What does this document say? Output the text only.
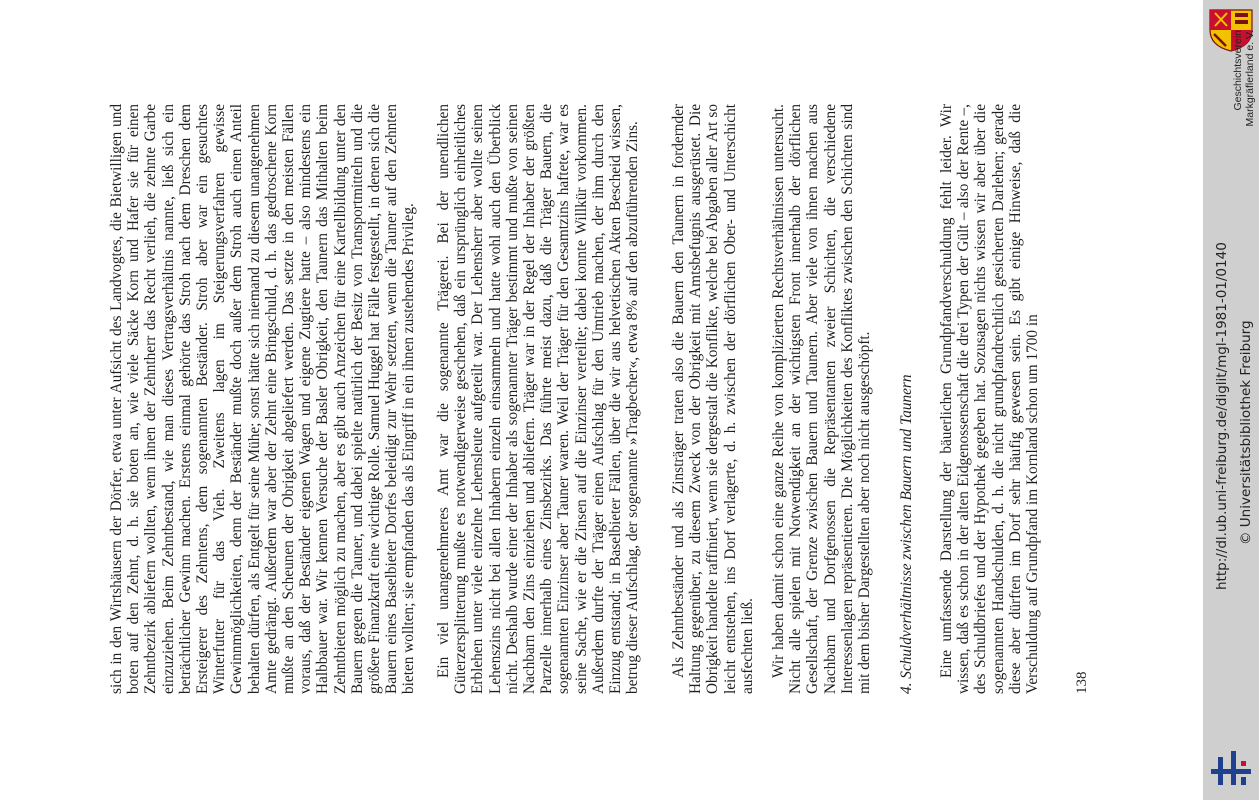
sich in den Wirtshäusern der Dörfer, etwa unter Aufsicht des Landvogtes, die Bietwilligen und boten auf den Zehnt, d. h. sie boten an, wie viele Säcke Korn und Hafer sie für einen Zehntbezirk abliefern wollten, wenn ihnen der Zehntherr das Recht verlieh, die zehnte Garbe einzuziehen. Beim Zehntbestand, wie man dieses Vertragsverhältnis nannte, ließ sich ein beträchtlicher Gewinn machen. Erstens einmal gehörte das Stroh nach dem Dreschen dem Ersteigerer des Zehntens, dem sogenannten Beständer. Stroh aber war ein gesuchtes Winterfutter für das Vieh. Zweitens lagen im Steigerungsverfahren gewisse Gewinnmöglichkeiten, denn der Beständer mußte doch außer dem Stroh auch einen Anteil behalten dürfen, als Entgelt für seine Mühe; sonst hätte sich niemand zu diesem unangenehmen Amte gedrängt. Außerdem war aber der Zehnt eine Bringschuld, d. h. das gedroschene Korn mußte an den Scheunen der Obrigkeit abgeliefert werden. Das setzte in den meisten Fällen voraus, daß der Beständer eigenen Wagen und eigene Zugtiere hatte – also mindestens ein Halbbauer war. Wir kennen Versuche der Basler Obrigkeit, den Taunern das Mithalten beim Zehntbieten möglich zu machen, aber es gibt auch Anzeichen für eine Kartellbildung unter den Bauern gegen die Tauner, und dabei spielte natürlich der Besitz von Transportmitteln und die größere Finanzkraft eine wichtige Rolle. Samuel Huggel hat Fälle festgestellt, in denen sich die Bauern eines Baselbieter Dorfes beleidigt zur Wehr setzten, wenn die Tauner auf den Zehnten bieten wollten; sie empfanden das als Eingriff in ein ihnen zustehendes Privileg. Ein viel unangenehmeres Amt war die sogenannte Trägerei. Bei der unendlichen Güterzersplitterung mußte es notwendigerweise geschehen, daß ein ursprünglich einheitliches Erblehen unter viele einzelne Lehensleute aufgeteilt war. Der Lehensherr aber wollte seinen Lehenszins nicht bei allen Inhabern einzeln einsammeln und hatte wohl auch den Überblick nicht. Deshalb wurde einer der Inhaber als sogenannter Träger bestimmt und mußte von seinen Nachbarn den Zins einziehen und abliefern. Träger war in der Regel der Inhaber der größten Parzelle innerhalb eines Zinsbezirks. Das führte meist dazu, daß die Träger Bauern, die sogenannten Einzinser aber Tauner waren. Weil der Träger für den Gesamtzins haftete, war es seine Sache, wie er die Zinsen auf die Einzinser verteilte; dabei konnte Willkür vorkommen. Außerdem durfte der Träger einen Aufschlag für den Umtrieb machen, der ihm durch den Einzug entstand; in Baselbieter Fällen, über die wir aus helvetischen Akten Bescheid wissen, betrug dieser Aufschlag, der sogenannte »Tragbecher«, etwa 8% auf den abzuführenden Zins. Als Zehntbeständer und als Zinsträger traten also die Bauern den Taunern in fordernder Haltung gegenüber, zu diesem Zweck von der Obrigkeit mit Amtsbefugnis ausgerüstet. Die Obrigkeit handelte raffiniert, wenn sie dergestalt die Konflikte, welche bei Abgaben aller Art so leicht entstehen, ins Dorf verlagerte, d. h. zwischen der dörflichen Ober- und Unterschicht ausfechten ließ. Wir haben damit schon eine ganze Reihe von komplizierten Rechtsverhältnissen untersucht. Nicht alle spielen mit Notwendigkeit an der wichtigsten Front innerhalb der dörflichen Gesellschaft, der Grenze zwischen Bauern und Taunern. Aber viele von ihnen machen aus Nachbarn und Dorfgenossen die Repräsentanten zweier Schichten, die verschiedene Interessenlagen repräsentieren. Die Möglichkeiten des Konfliktes zwischen den Schichten sind mit dem bisher Dargestellten aber noch nicht ausgeschöpft. 4. Schuldverhältnisse zwischen Bauern und Taunern Eine umfassende Darstellung der bäuerlichen Grundpfandverschuldung fehlt leider. Wir wissen, daß es schon in der alten Eidgenossenschaft die drei Typen der Gült – also der Rente –, des Schuldbriefes und der Hypothek gegeben hat. Sozusagen nichts wissen wir aber über die sogenannten Handschulden, d. h. die nicht grundpfandrechtlich gesicherten Darlehen; gerade diese aber dürften im Dorf sehr häufig gewesen sein. Es gibt einige Hinweise, daß die Verschuldung auf Grundpfand im Kornland schon um 1700 in 138
Geschichtsverein Markgräflerland e. V.
http://dl.ub.uni-freiburg.de/diglit/mgl-1981-01/0140 © Universitätsbibliothek Freiburg
